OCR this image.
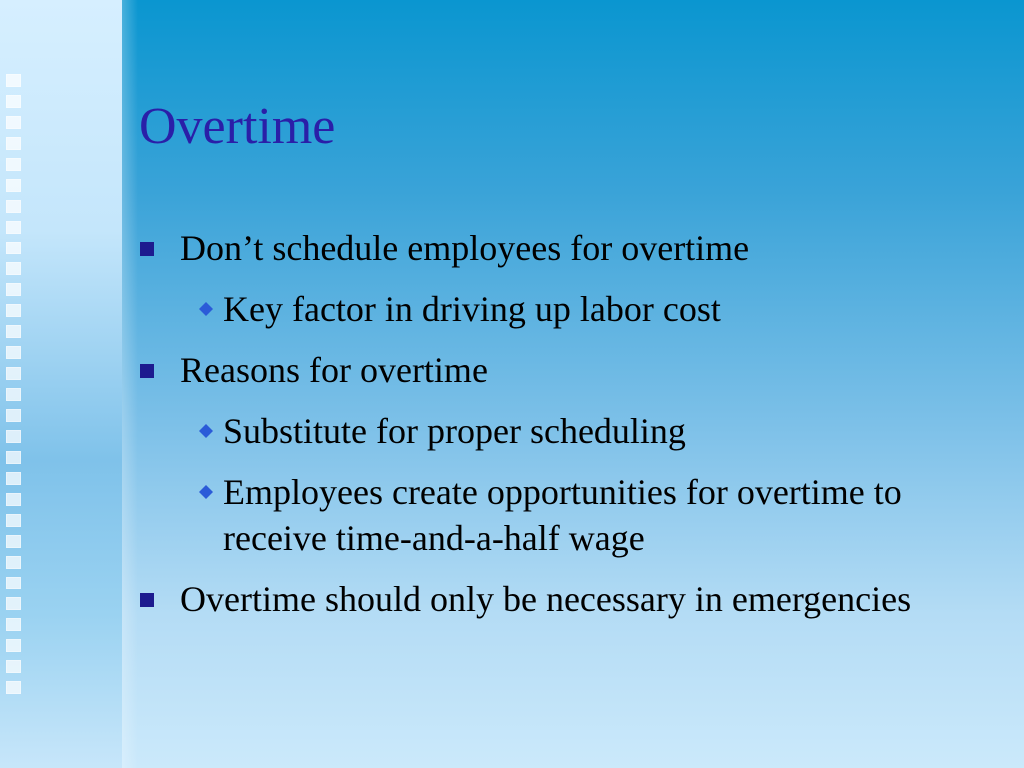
Overtime
Don’t schedule employees for overtime
Key factor in driving up labor cost
Reasons for overtime
Substitute for proper scheduling
Employees create opportunities for overtime to receive time-and-a-half wage
Overtime should only be necessary in emergencies
